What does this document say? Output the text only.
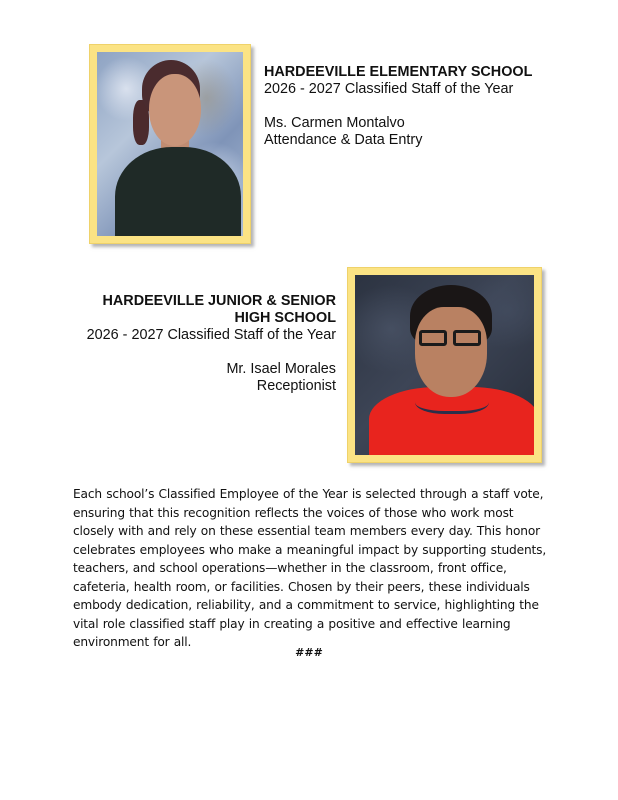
HARDEEVILLE ELEMENTARY SCHOOL
2026 - 2027 Classified Staff of the Year
Ms. Carmen Montalvo
Attendance & Data Entry
HARDEEVILLE JUNIOR & SENIOR
HIGH SCHOOL
2026 - 2027 Classified Staff of the Year
Mr. Isael Morales
Receptionist

Each school’s Classified Employee of the Year is selected through a staff vote, ensuring that this recognition reflects the voices of those who work most closely with and rely on these essential team members every day. This honor celebrates employees who make a meaningful impact by supporting students, teachers, and school operations—whether in the classroom, front office, cafeteria, health room, or facilities. Chosen by their peers, these individuals embody dedication, reliability, and a commitment to service, highlighting the vital role classified staff play in creating a positive and effective learning environment for all.

###
